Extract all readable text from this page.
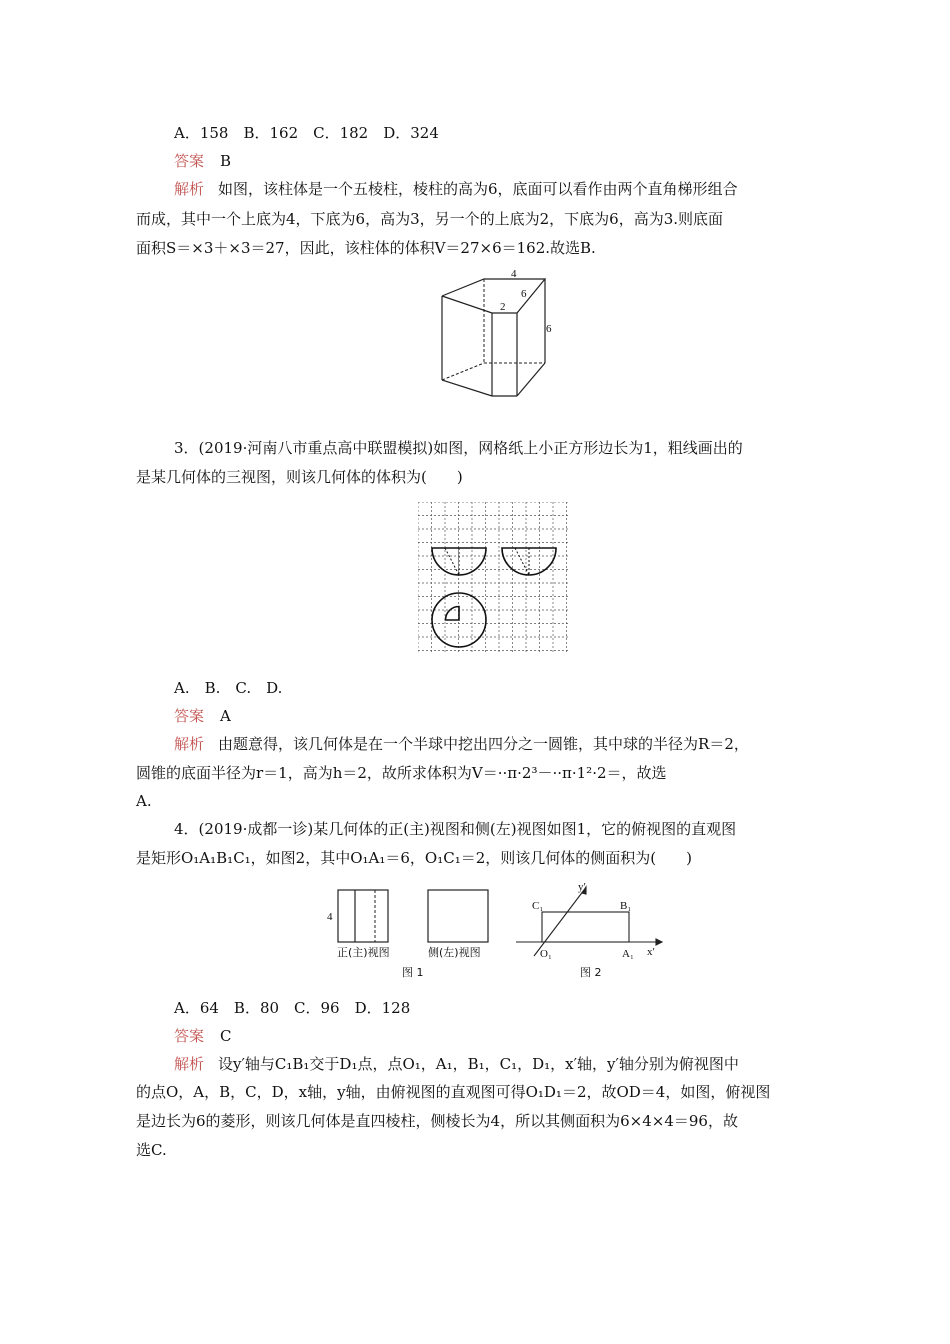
A．158　B．162　C．182　D．324
答案 B
解析 如图，该柱体是一个五棱柱，棱柱的高为6，底面可以看作由两个直角梯形组合
而成，其中一个上底为4，下底为6，高为3，另一个的上底为2，下底为6，高为3.则底面
面积S＝×3＋×3＝27，因此，该柱体的体积V＝27×6＝162.故选B.
4
6
2
6
3．(2019·河南八市重点高中联盟模拟)如图，网格纸上小正方形边长为1，粗线画出的
是某几何体的三视图，则该几何体的体积为(　　)
A.　B.　C.　D.
答案 A
解析 由题意得，该几何体是在一个半球中挖出四分之一圆锥，其中球的半径为R＝2，
圆锥的底面半径为r＝1，高为h＝2，故所求体积为V＝··π·2³－··π·1²·2＝，故选
A.
4．(2019·成都一诊)某几何体的正(主)视图和侧(左)视图如图1，它的俯视图的直观图
是矩形O₁A₁B₁C₁，如图2，其中O₁A₁＝6，O₁C₁＝2，则该几何体的侧面积为(　　)
4
正(主)视图	侧(左)视图
图 1
y′
x′
C₁	B₁
O₁	A₁
图 2
A．64　B．80　C．96　D．128
答案 C
解析 设y′轴与C₁B₁交于D₁点，点O₁，A₁，B₁，C₁，D₁，x′轴，y′轴分别为俯视图中
的点O，A，B，C，D，x轴，y轴，由俯视图的直观图可得O₁D₁＝2，故OD＝4，如图，俯视图
是边长为6的菱形，则该几何体是直四棱柱，侧棱长为4，所以其侧面积为6×4×4＝96，故
选C.
